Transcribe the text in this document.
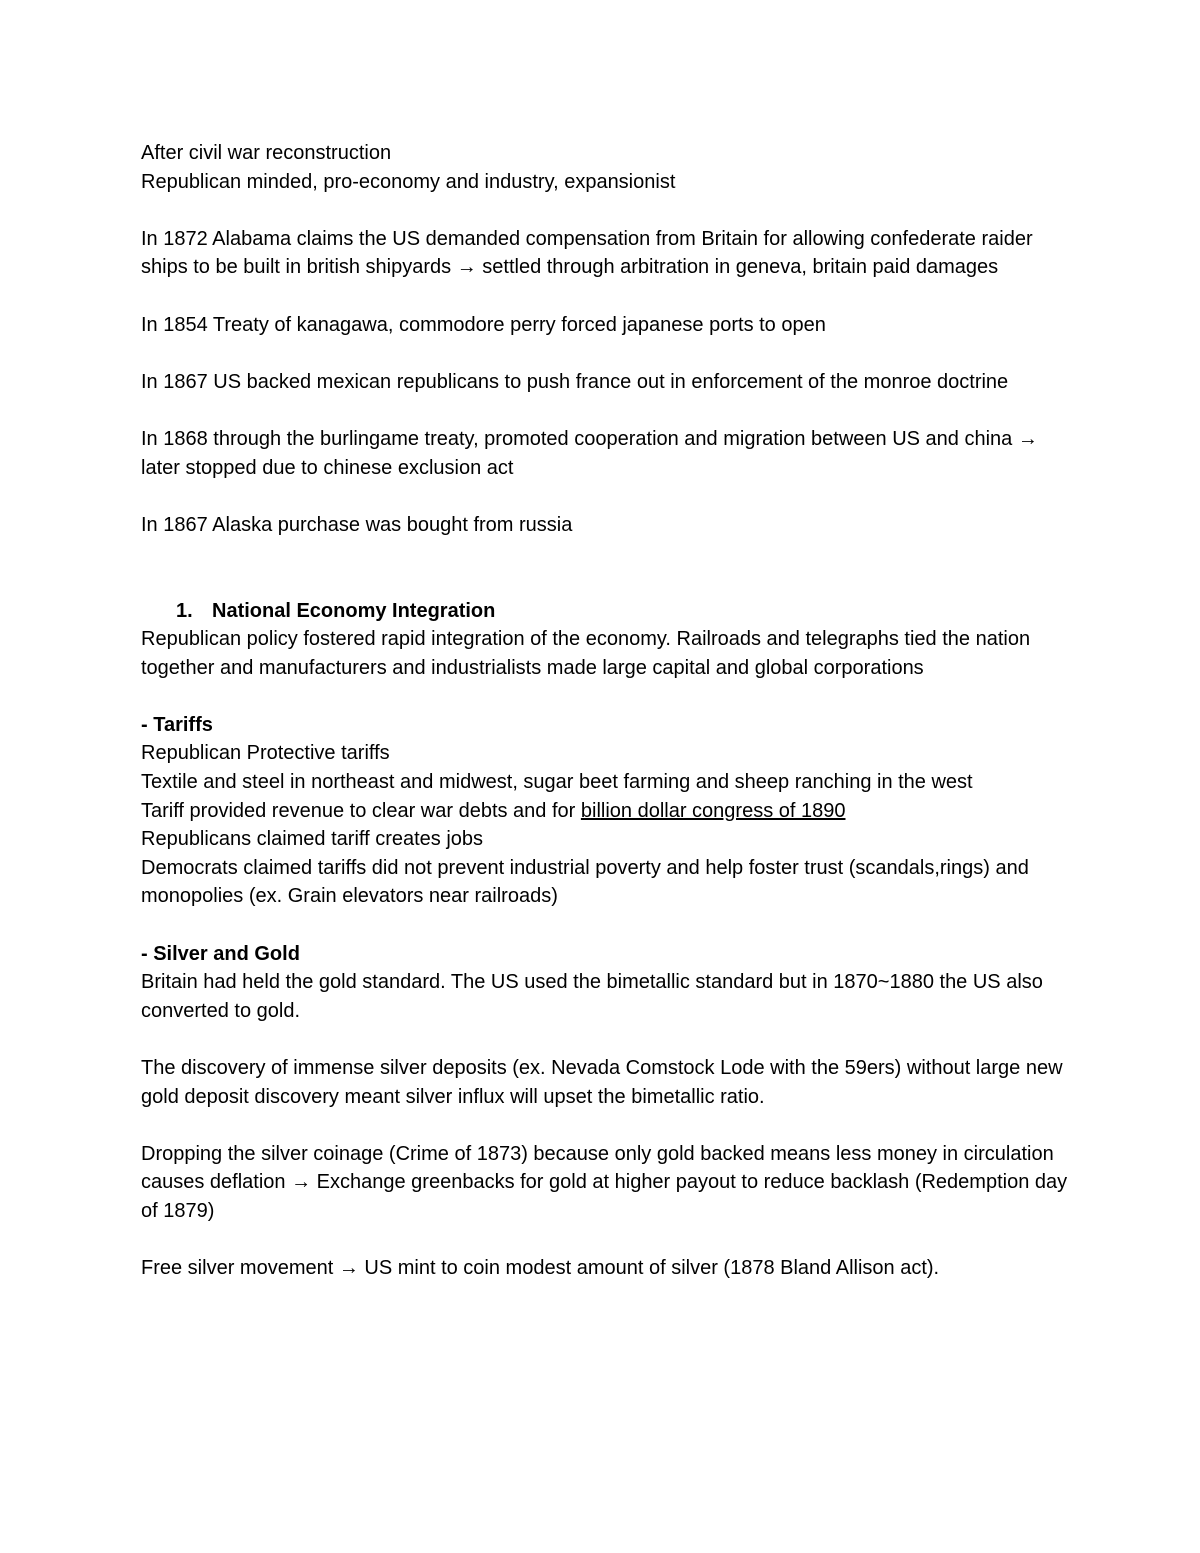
After civil war reconstruction

Republican minded, pro-economy and industry, expansionist

In 1872 Alabama claims the US demanded compensation from Britain for allowing confederate raider ships to be built in british shipyards → settled through arbitration in geneva, britain paid damages

In 1854 Treaty of kanagawa, commodore perry forced japanese ports to open

In 1867 US backed mexican republicans to push france out in enforcement of the monroe doctrine

In 1868 through the burlingame treaty, promoted cooperation and migration between US and china → later stopped due to chinese exclusion act

In 1867 Alaska purchase was bought from russia

1. National Economy Integration

Republican policy fostered rapid integration of the economy. Railroads and telegraphs tied the nation together and manufacturers and industrialists made large capital and global corporations

- Tariffs

Republican Protective tariffs

Textile and steel in northeast and midwest, sugar beet farming and sheep ranching in the west

Tariff provided revenue to clear war debts and for billion dollar congress of 1890

Republicans claimed tariff creates jobs

Democrats claimed tariffs did not prevent industrial poverty and help foster trust (scandals,rings) and monopolies (ex. Grain elevators near railroads)

- Silver and Gold

Britain had held the gold standard. The US used the bimetallic standard but in 1870~1880 the US also converted to gold.

The discovery of immense silver deposits (ex. Nevada Comstock Lode with the 59ers) without large new gold deposit discovery meant silver influx will upset the bimetallic ratio.

Dropping the silver coinage (Crime of 1873) because only gold backed means less money in circulation causes deflation → Exchange greenbacks for gold at higher payout to reduce backlash (Redemption day of 1879)

Free silver movement → US mint to coin modest amount of silver (1878 Bland Allison act).
